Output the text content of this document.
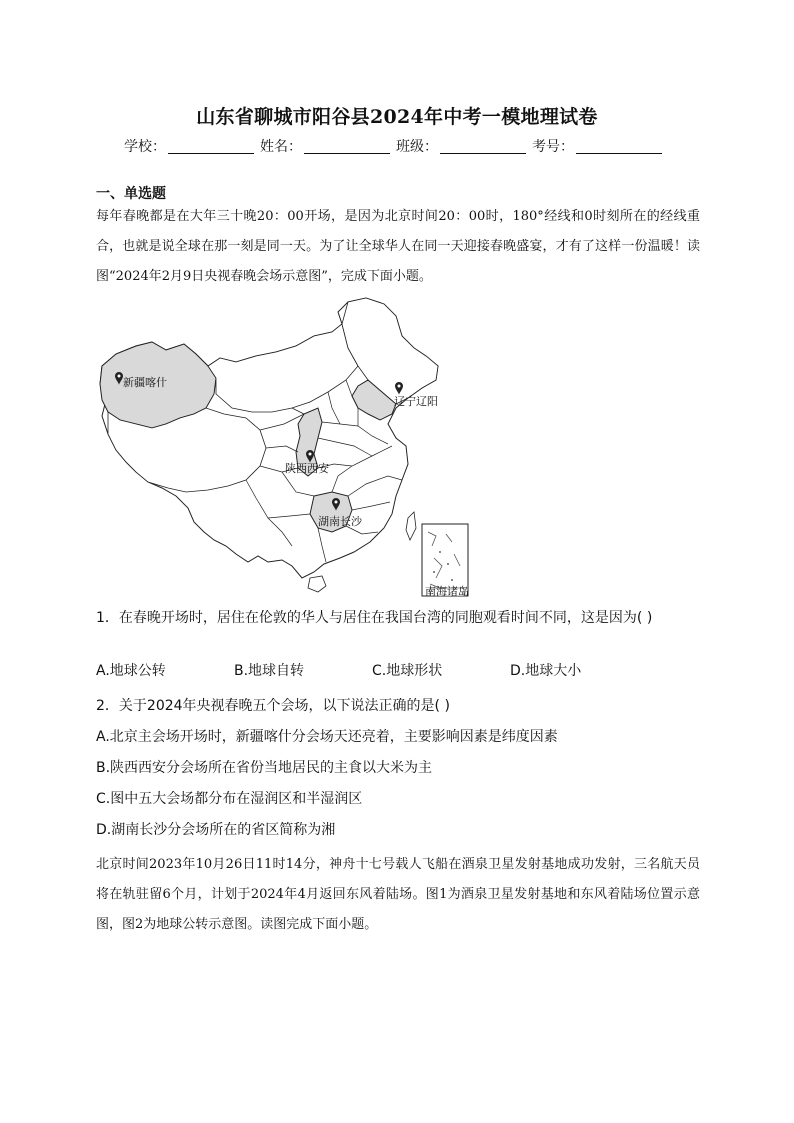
山东省聊城市阳谷县2024年中考一模地理试卷
学校：	姓名：	班级：	考号：
一、单选题
每年春晚都是在大年三十晚20：00开场，是因为北京时间20：00时，180°经线和0时刻所在的经线重合，也就是说全球在那一刻是同一天。为了让全球华人在同一天迎接春晚盛宴，才有了这样一份温暖！读图“2024年2月9日央视春晚会场示意图”，完成下面小题。
南海诸岛
新疆喀什
辽宁辽阳
陕西西安
湖南长沙
1．在春晚开场时，居住在伦敦的华人与居住在我国台湾的同胞观看时间不同，这是因为( )
A.地球公转	B.地球自转	C.地球形状	D.地球大小
2．关于2024年央视春晚五个会场，以下说法正确的是( )
A.北京主会场开场时，新疆喀什分会场天还亮着，主要影响因素是纬度因素
B.陕西西安分会场所在省份当地居民的主食以大米为主
C.图中五大会场都分布在湿润区和半湿润区
D.湖南长沙分会场所在的省区简称为湘
北京时间2023年10月26日11时14分，神舟十七号载人飞船在酒泉卫星发射基地成功发射，三名航天员将在轨驻留6个月，计划于2024年4月返回东风着陆场。图1为酒泉卫星发射基地和东风着陆场位置示意图，图2为地球公转示意图。读图完成下面小题。
